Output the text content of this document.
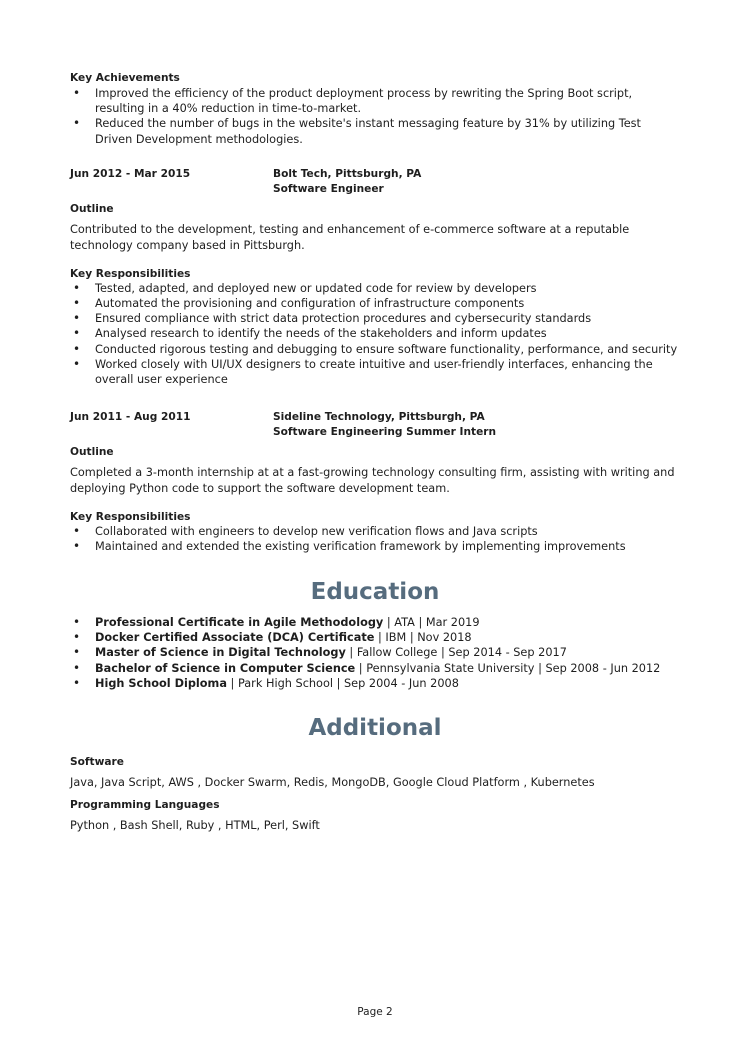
Key Achievements

• Improved the efficiency of the product deployment process by rewriting the Spring Boot script, resulting in a 40% reduction in time-to-market.
• Reduced the number of bugs in the website's instant messaging feature by 31% by utilizing Test Driven Development methodologies.
Jun 2012 - Mar 2015	Bolt Tech, Pittsburgh, PA
Software Engineer

Outline

Contributed to the development, testing and enhancement of e-commerce software at a reputable technology company based in Pittsburgh.

Key Responsibilities

• Tested, adapted, and deployed new or updated code for review by developers
• Automated the provisioning and configuration of infrastructure components
• Ensured compliance with strict data protection procedures and cybersecurity standards
• Analysed research to identify the needs of the stakeholders and inform updates
• Conducted rigorous testing and debugging to ensure software functionality, performance, and security
• Worked closely with UI/UX designers to create intuitive and user-friendly interfaces, enhancing the overall user experience
Jun 2011 - Aug 2011	Sideline Technology, Pittsburgh, PA
Software Engineering Summer Intern

Outline

Completed a 3-month internship at at a fast-growing technology consulting firm, assisting with writing and deploying Python code to support the software development team.

Key Responsibilities

• Collaborated with engineers to develop new verification flows and Java scripts
• Maintained and extended the existing verification framework by implementing improvements
Education
• Professional Certificate in Agile Methodology | ATA | Mar 2019
• Docker Certified Associate (DCA) Certificate | IBM | Nov 2018
• Master of Science in Digital Technology | Fallow College | Sep 2014 - Sep 2017
• Bachelor of Science in Computer Science | Pennsylvania State University | Sep 2008 - Jun 2012
• High School Diploma | Park High School | Sep 2004 - Jun 2008
Additional

Software

Java, Java Script, AWS , Docker Swarm, Redis, MongoDB, Google Cloud Platform , Kubernetes

Programming Languages

Python , Bash Shell, Ruby , HTML, Perl, Swift
Page 2
